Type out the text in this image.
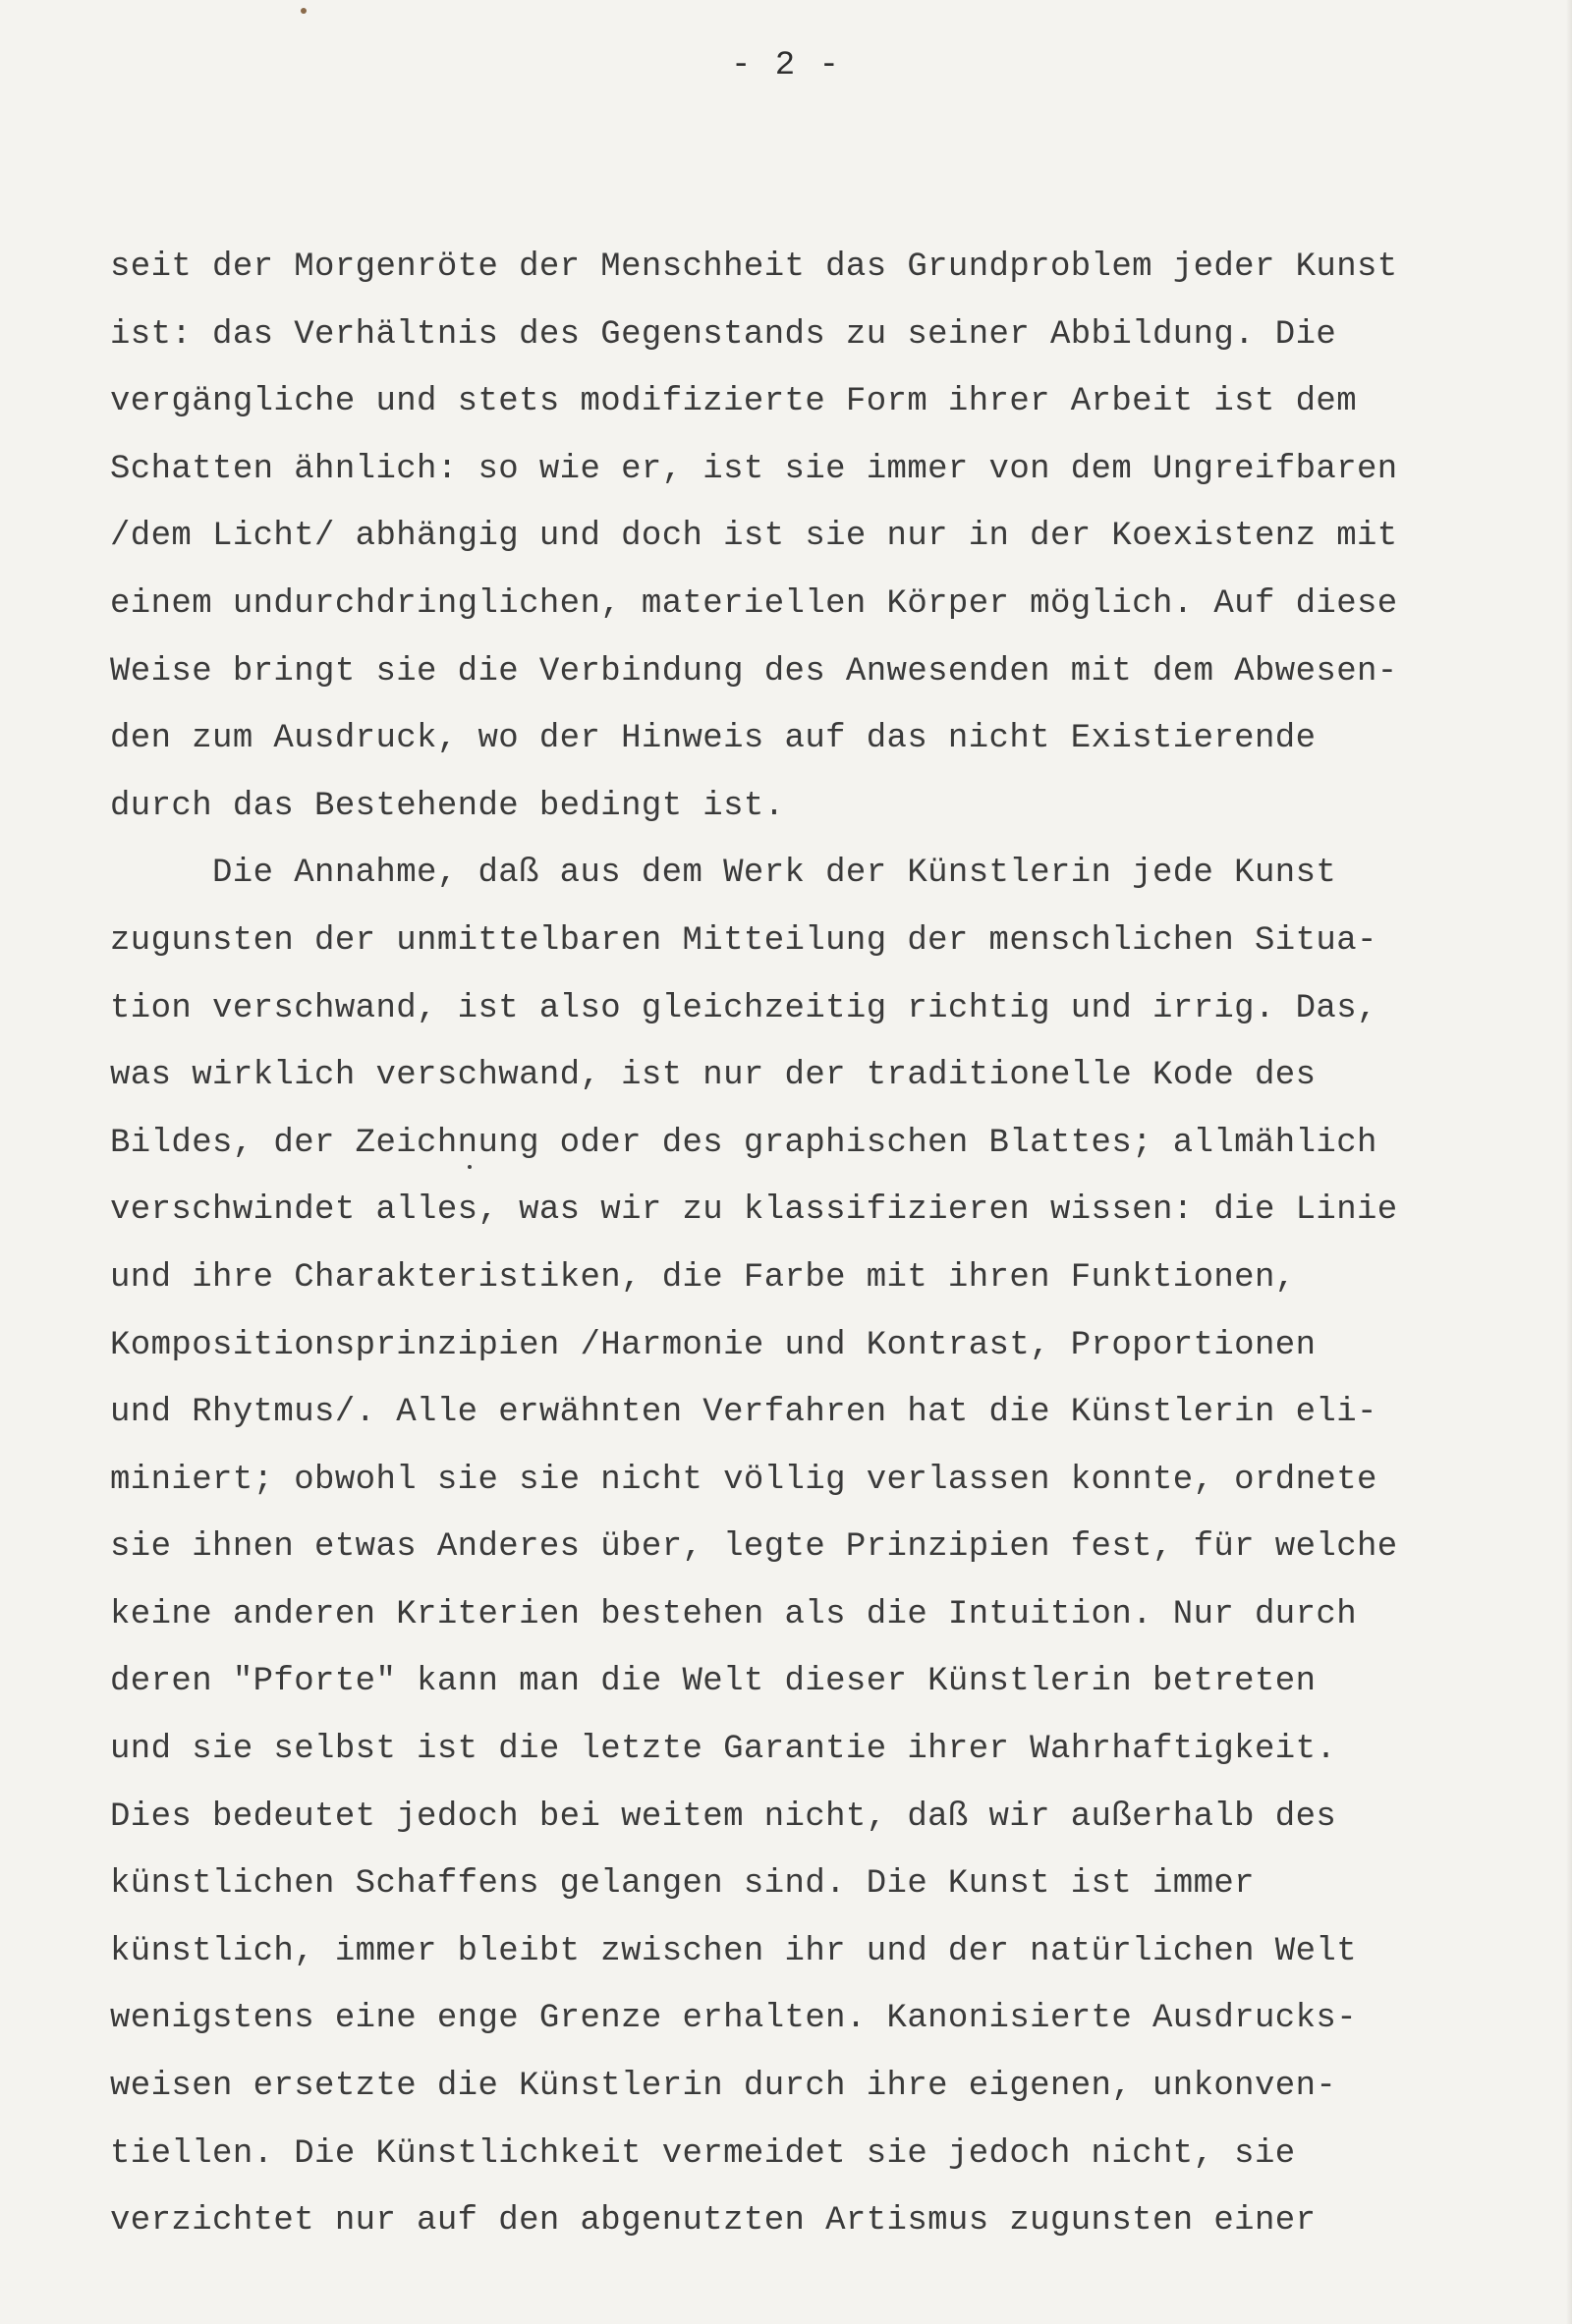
- 2 -
seit der Morgenröte der Menschheit das Grundproblem jeder Kunst
ist: das Verhältnis des Gegenstands zu seiner Abbildung. Die
vergängliche und stets modifizierte Form ihrer Arbeit ist dem
Schatten ähnlich: so wie er, ist sie immer von dem Ungreifbaren
/dem Licht/ abhängig und doch ist sie nur in der Koexistenz mit
einem undurchdringlichen, materiellen Körper möglich. Auf diese
Weise bringt sie die Verbindung des Anwesenden mit dem Abwesen-
den zum Ausdruck, wo der Hinweis auf das nicht Existierende
durch das Bestehende bedingt ist.
Die Annahme, daß aus dem Werk der Künstlerin jede Kunst
zugunsten der unmittelbaren Mitteilung der menschlichen Situa-
tion verschwand, ist also gleichzeitig richtig und irrig. Das,
was wirklich verschwand, ist nur der traditionelle Kode des
Bildes, der Zeichnung oder des graphischen Blattes; allmählich
verschwindet alles, was wir zu klassifizieren wissen: die Linie
und ihre Charakteristiken, die Farbe mit ihren Funktionen,
Kompositionsprinzipien /Harmonie und Kontrast, Proportionen
und Rhytmus/. Alle erwähnten Verfahren hat die Künstlerin eli-
miniert; obwohl sie sie nicht völlig verlassen konnte, ordnete
sie ihnen etwas Anderes über, legte Prinzipien fest, für welche
keine anderen Kriterien bestehen als die Intuition. Nur durch
deren "Pforte" kann man die Welt dieser Künstlerin betreten
und sie selbst ist die letzte Garantie ihrer Wahrhaftigkeit.
Dies bedeutet jedoch bei weitem nicht, daß wir außerhalb des
künstlichen Schaffens gelangen sind. Die Kunst ist immer
künstlich, immer bleibt zwischen ihr und der natürlichen Welt
wenigstens eine enge Grenze erhalten. Kanonisierte Ausdrucks-
weisen ersetzte die Künstlerin durch ihre eigenen, unkonven-
tiellen. Die Künstlichkeit vermeidet sie jedoch nicht, sie
verzichtet nur auf den abgenutzten Artismus zugunsten einer
